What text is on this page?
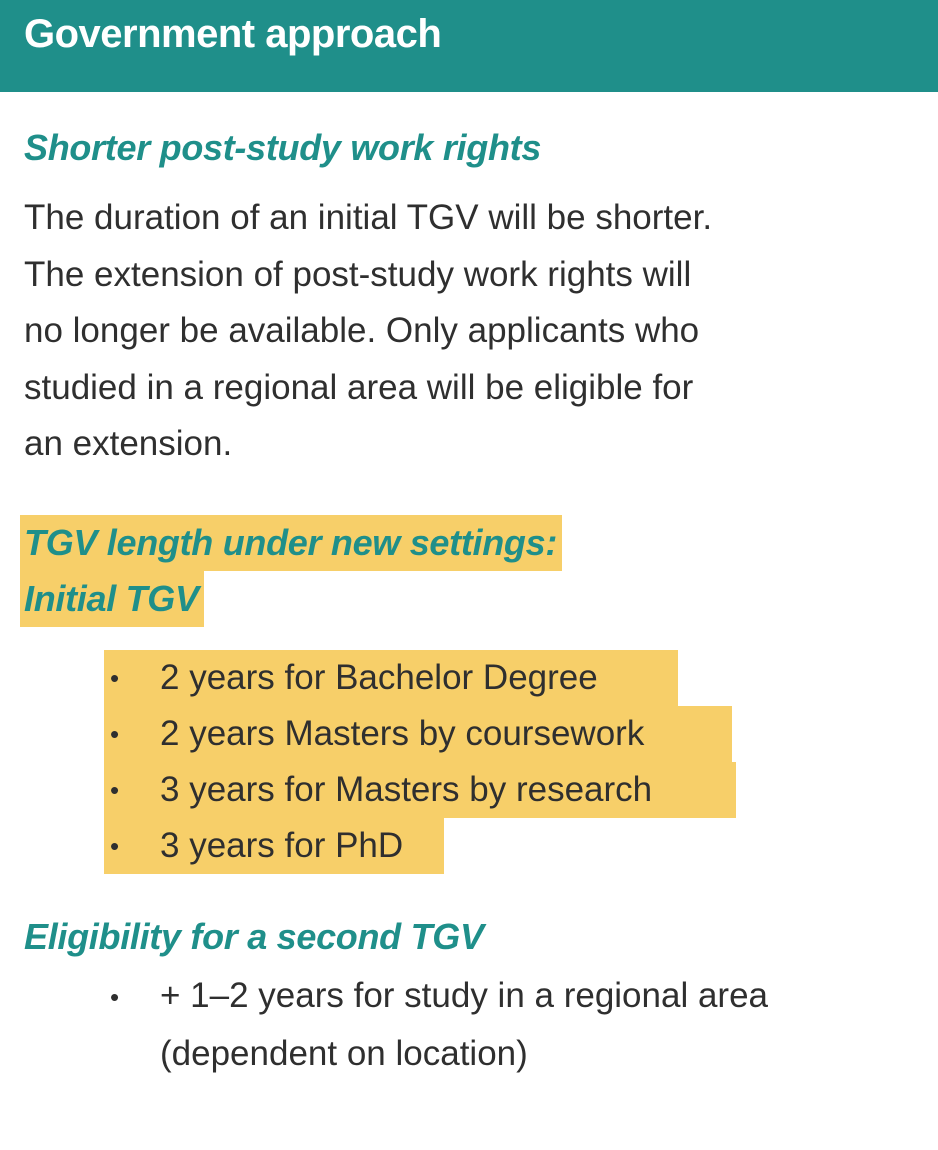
Government approach
Shorter post-study work rights
The duration of an initial TGV will be shorter.
The extension of post-study work rights will
no longer be available. Only applicants who
studied in a regional area will be eligible for
an extension.
TGV length under new settings:
Initial TGV
• 2 years for Bachelor Degree
• 2 years Masters by coursework
• 3 years for Masters by research
• 3 years for PhD
Eligibility for a second TGV
• + 1–2 years for study in a regional area
(dependent on location)
